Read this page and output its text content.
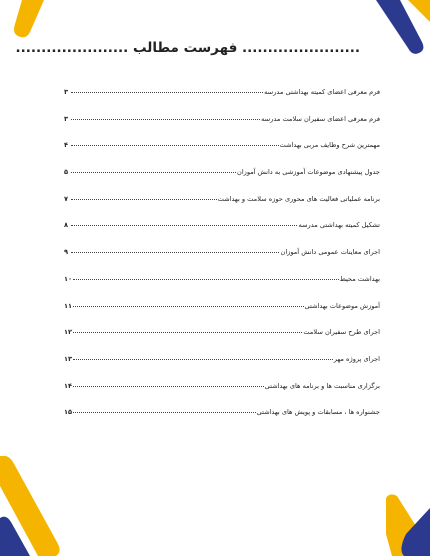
....................... فهرست مطالب ......................
فرم معرفی اعضای کمیته بهداشتی مدرسه
۳
فرم معرفی اعضای سفیران سلامت مدرسه
۳
مهمترین شرح وظایف مربی بهداشت
۴
جدول پیشنهادی موضوعات آموزشی به دانش آموزان
۵
برنامه عملیاتی فعالیت های محوری حوزه سلامت و بهداشت
۷
تشکیل کمیته بهداشتی مدرسه
۸
اجرای معاینات عمومی دانش آموزان
۹
بهداشت محیط
۱۰
آموزش موضوعات بهداشتی
۱۱
اجرای طرح سفیران سلامت
۱۲
اجرای پروژه مهر
۱۳
برگزاری مناسبت ها و برنامه های بهداشتی
۱۴
جشنواره ها ، مسابقات و پویش های بهداشتی
۱۵
